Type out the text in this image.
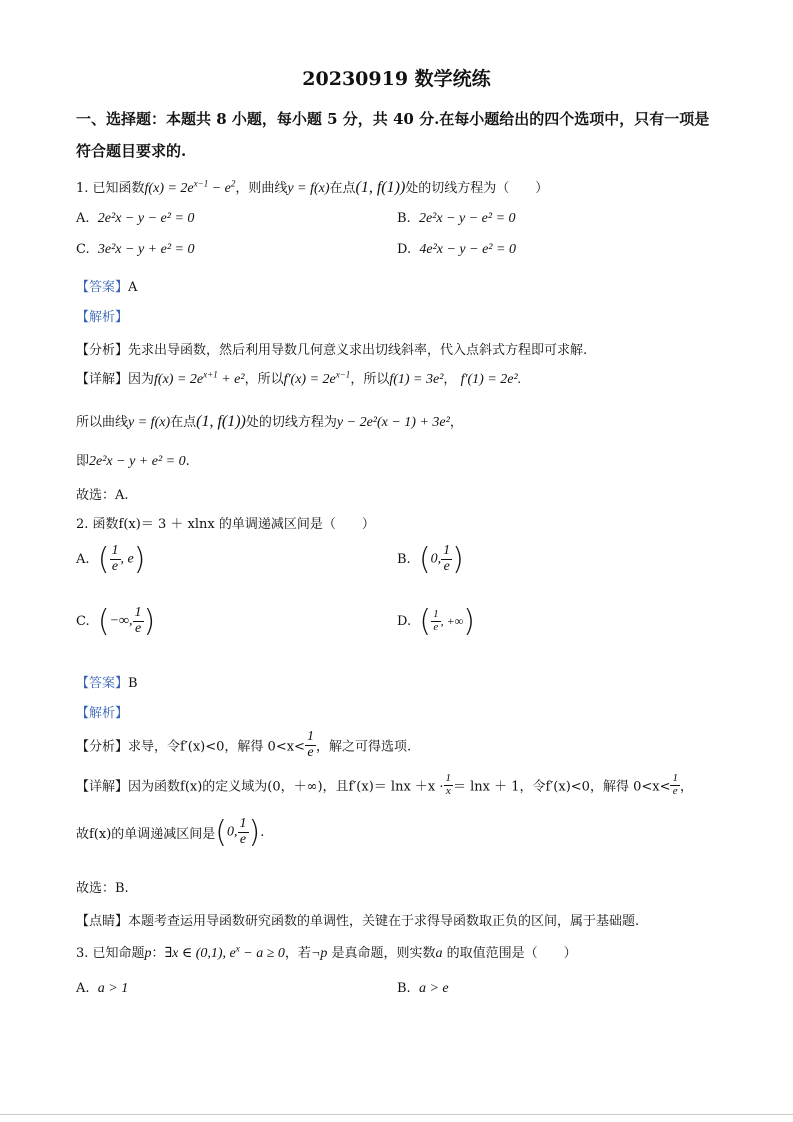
20230919 数学统练
一、选择题：本题共 8 小题，每小题 5 分，共 40 分.在每小题给出的四个选项中，只有一项是
符合题目要求的.
1. 已知函数$f(x) = 2e^{x-1} - e^2$，则曲线y = f(x)在点(1, f(1))处的切线方程为（　　）
A. 2e²x − y − e² = 0	B. 2e²x − y − e² = 0
C. 3e²x − y + e² = 0	D. 4e²x − y − e² = 0
【答案】A
【解析】
【分析】先求出导函数，然后利用导数几何意义求出切线斜率，代入点斜式方程即可求解.
【详解】因为$f(x) = 2e^{x+1} + e^2$，所以$f'(x) = 2e^{x-1}$，所以f(1) = 3e²， f′(1) = 2e².
所以曲线y = f(x)在点(1, f(1))处的切线方程为y − 2e²(x − 1) + 3e²，
即2e²x − y + e² = 0.
故选：A.
2. 函数f(x)＝ 3 ＋ xlnx 的单调递减区间是（　　）
A. ( $\frac{1}{e}$ , e)	B. (0, $\frac{1}{e}$ )
C. (−∞, $\frac{1}{e}$ )	D. ( $\frac{1}{e}$ , +∞)
【答案】B
【解析】
【分析】求导，令f′(x)<0，解得 $0<x< \frac{1}{e}$ ，解之可得选项.
【详解】因为函数f(x)的定义域为(0，＋∞)，且$f'(x)= \ln x +x \cdot \frac{1}{x} = \ln x + 1$，令f′(x)<0，解得 $0<x< \frac{1}{e}$ ，
故f(x)的单调递减区间是(0, $\frac{1}{e}$ ).
故选：B.
【点睛】本题考查运用导函数研究函数的单调性，关键在于求得导函数取正负的区间，属于基础题.
3. 已知命题p：∃x ∈ (0,1), $e^x - a \ge 0$，若¬p 是真命题，则实数a 的取值范围是（　　）
A. a > 1	B. a > e
